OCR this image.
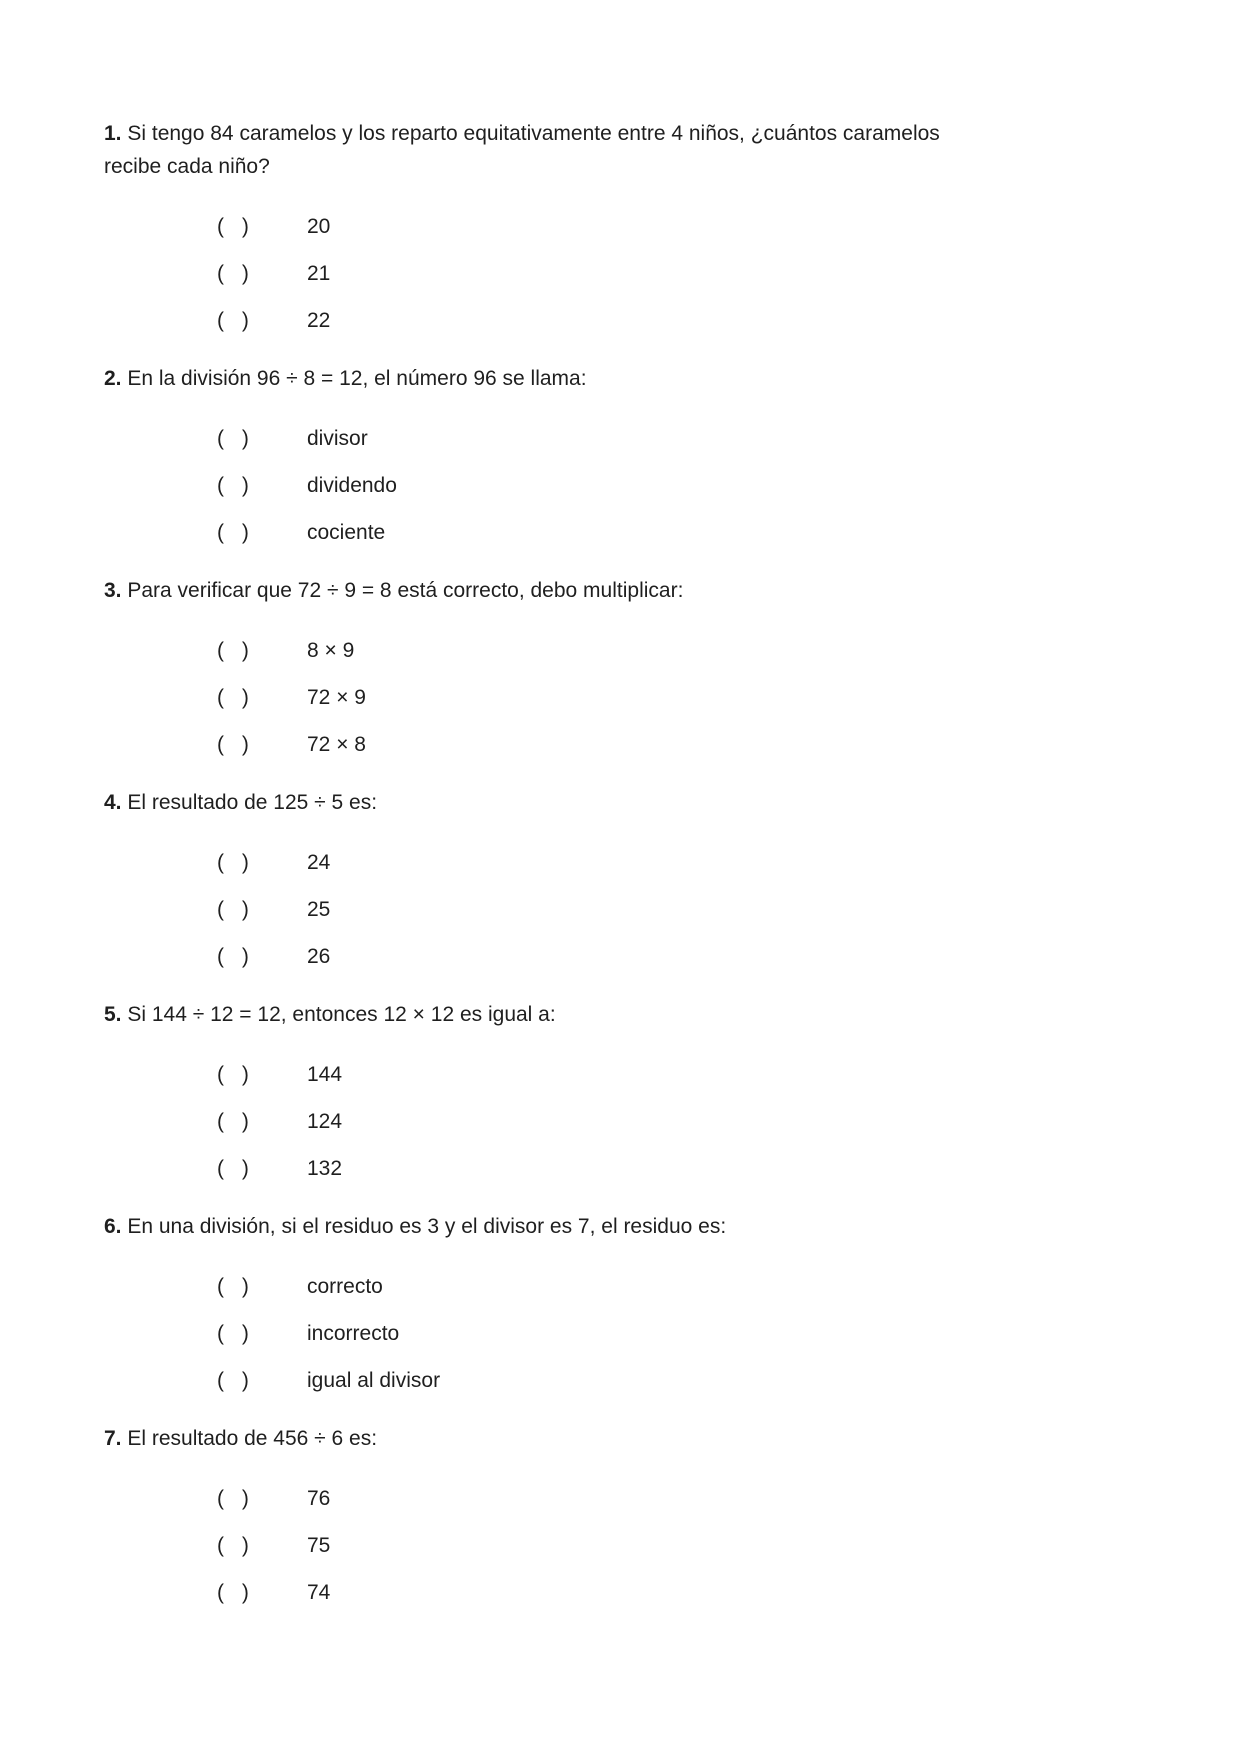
1. Si tengo 84 caramelos y los reparto equitativamente entre 4 niños, ¿cuántos caramelos recibe cada niño?

( )	20
( )	21
( )	22

2. En la división 96 ÷ 8 = 12, el número 96 se llama:

( )	divisor
( )	dividendo
( )	cociente

3. Para verificar que 72 ÷ 9 = 8 está correcto, debo multiplicar:

( )	8 × 9
( )	72 × 9
( )	72 × 8

4. El resultado de 125 ÷ 5 es:

( )	24
( )	25
( )	26

5. Si 144 ÷ 12 = 12, entonces 12 × 12 es igual a:

( )	144
( )	124
( )	132

6. En una división, si el residuo es 3 y el divisor es 7, el residuo es:

( )	correcto
( )	incorrecto
( )	igual al divisor

7. El resultado de 456 ÷ 6 es:

( )	76
( )	75
( )	74
